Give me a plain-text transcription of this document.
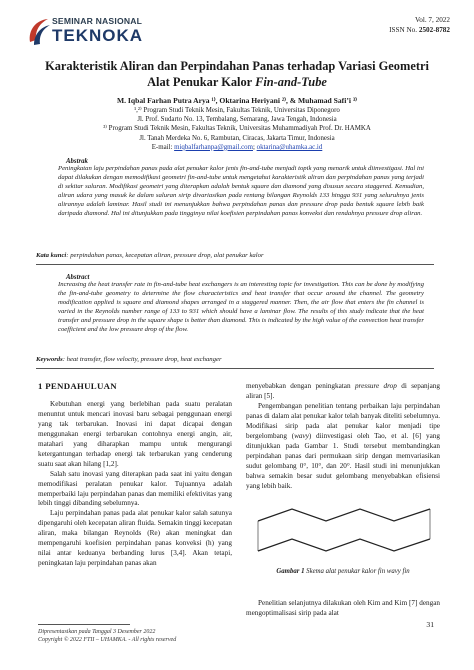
SEMINAR NASIONAL
TEKNOKA
Vol. 7, 2022
ISSN No. 2502-8782
Karakteristik Aliran dan Perpindahan Panas terhadap Variasi Geometri
Alat Penukar Kalor Fin-and-Tube
M. Iqbal Farhan Putra Arya ¹⁾, Oktarina Heriyani ²⁾, & Muhamad Safi’i ³⁾
¹,²⁾ Program Studi Teknik Mesin, Fakultas Teknik, Universitas Diponegoro
Jl. Prof. Sudarto No. 13, Tembalang, Semarang, Jawa Tengah, Indonesia
³⁾ Program Studi Teknik Mesin, Fakultas Teknik, Universitas Muhammadiyah Prof. Dr. HAMKA
Jl. Tanah Merdeka No. 6, Rambutan, Ciracas, Jakarta Timur, Indonesia
E-mail: miqbalfarhanpa@gmail.com; oktarina@uhamka.ac.id
Abstrak
Peningkatan laju perpindahan panas pada alat penukar kalor jenis fin-and-tube menjadi topik yang menarik untuk diinvestigasi. Hal ini dapat dilakukan dengan memodifikasi geometri fin-and-tube untuk mengetahui karakteristik aliran dan perpindahan panas yang terjadi di sekitar saluran. Modifikasi geometri yang diterapkan adalah bentuk square dan diamond yang disusun secara staggered. Kemudian, aliran udara yang masuk ke dalam saluran sirip divariasikan pada rentang bilangan Reynolds 133 hingga 931 yang seluruhnya jenis alirannya adalah laminar. Hasil studi ini menunjukkan bahwa perpindahan panas dan pressure drop pada bentuk square lebih baik daripada diamond. Hal ini ditunjukkan pada tingginya nilai koefisien perpindahan panas konveksi dan rendahnya pressure drop aliran.
Kata kunci: perpindahan panas, kecepatan aliran, pressure drop, alat penukar kalor
Abstract
Increasing the heat transfer rate in fin-and-tube heat exchangers is an interesting topic for investigation. This can be done by modifying the fin-and-tube geometry to determine the flow characteristics and heat transfer that occur around the channel. The geometry modification applied is square and diamond shapes arranged in a staggered manner. Then, the air flow that enters the fin channel is varied in the Reynolds number range of 133 to 931 which should have a laminar flow. The results of this study indicate that the heat transfer and pressure drop in the square shape is better than diamond. This is indicated by the high value of the convection heat transfer coefficient and the low pressure drop of the flow.
Keywords: heat transfer, flow velocity, pressure drop, heat exchanger
1 PENDAHULUAN

Kebutuhan energi yang berlebihan pada suatu peralatan menuntut untuk mencari inovasi baru sebagai penggunaan energi yang tak terbarukan. Inovasi ini dapat dicapai dengan menggunakan energi terbarukan contohnya energi angin, air, matahari yang diharapkan mampu untuk mengurangi ketergantungan terhadap energi tak terbarukan yang cenderung suatu saat akan hilang [1,2].

Salah satu inovasi yang diterapkan pada saat ini yaitu dengan memodifikasi peralatan penukar kalor. Tujuannya adalah memperbaiki laju perpindahan panas dan memiliki efektivitas yang lebih tinggi dibanding sebelumnya.

Laju perpindahan panas pada alat penukar kalor salah satunya dipengaruhi oleh kecepatan aliran fluida. Semakin tinggi kecepatan aliran, maka bilangan Reynolds (Re) akan meningkat dan mempengaruhi koefisien perpindahan panas konveksi (h) yang nilai antar keduanya berbanding lurus [3,4]. Akan tetapi, peningkatan laju perpindahan panas akan

menyebabkan dengan peningkatan pressure drop di sepanjang aliran [5].

Pengembangan penelitian tentang perbaikan laju perpindahan panas di dalam alat penukar kalor telah banyak diteliti sebelumnya. Modifikasi sirip pada alat penukar kalor menjadi tipe bergelombang (wavy) diinvestigasi oleh Tao, et al. [6] yang ditunjukkan pada Gambar 1. Studi tersebut membandingkan perpindahan panas dari permukaan sirip dengan memvariasikan sudut gelombang 0°, 10°, dan 20°. Hasil studi ini menunjukkan bahwa semakin besar sudut gelombang menyebabkan efisiensi yang lebih baik.

Gambar 1 Skema alat penukar kalor fin wavy fin

Penelitian selanjutnya dilakukan oleh Kim and Kim [7] dengan mengoptimalisasi sirip pada alat

Dipresentasikan pada Tanggal 3 Desember 2022
Copyright © 2022 FTII – UHAMKA. - All rights reserved
31
